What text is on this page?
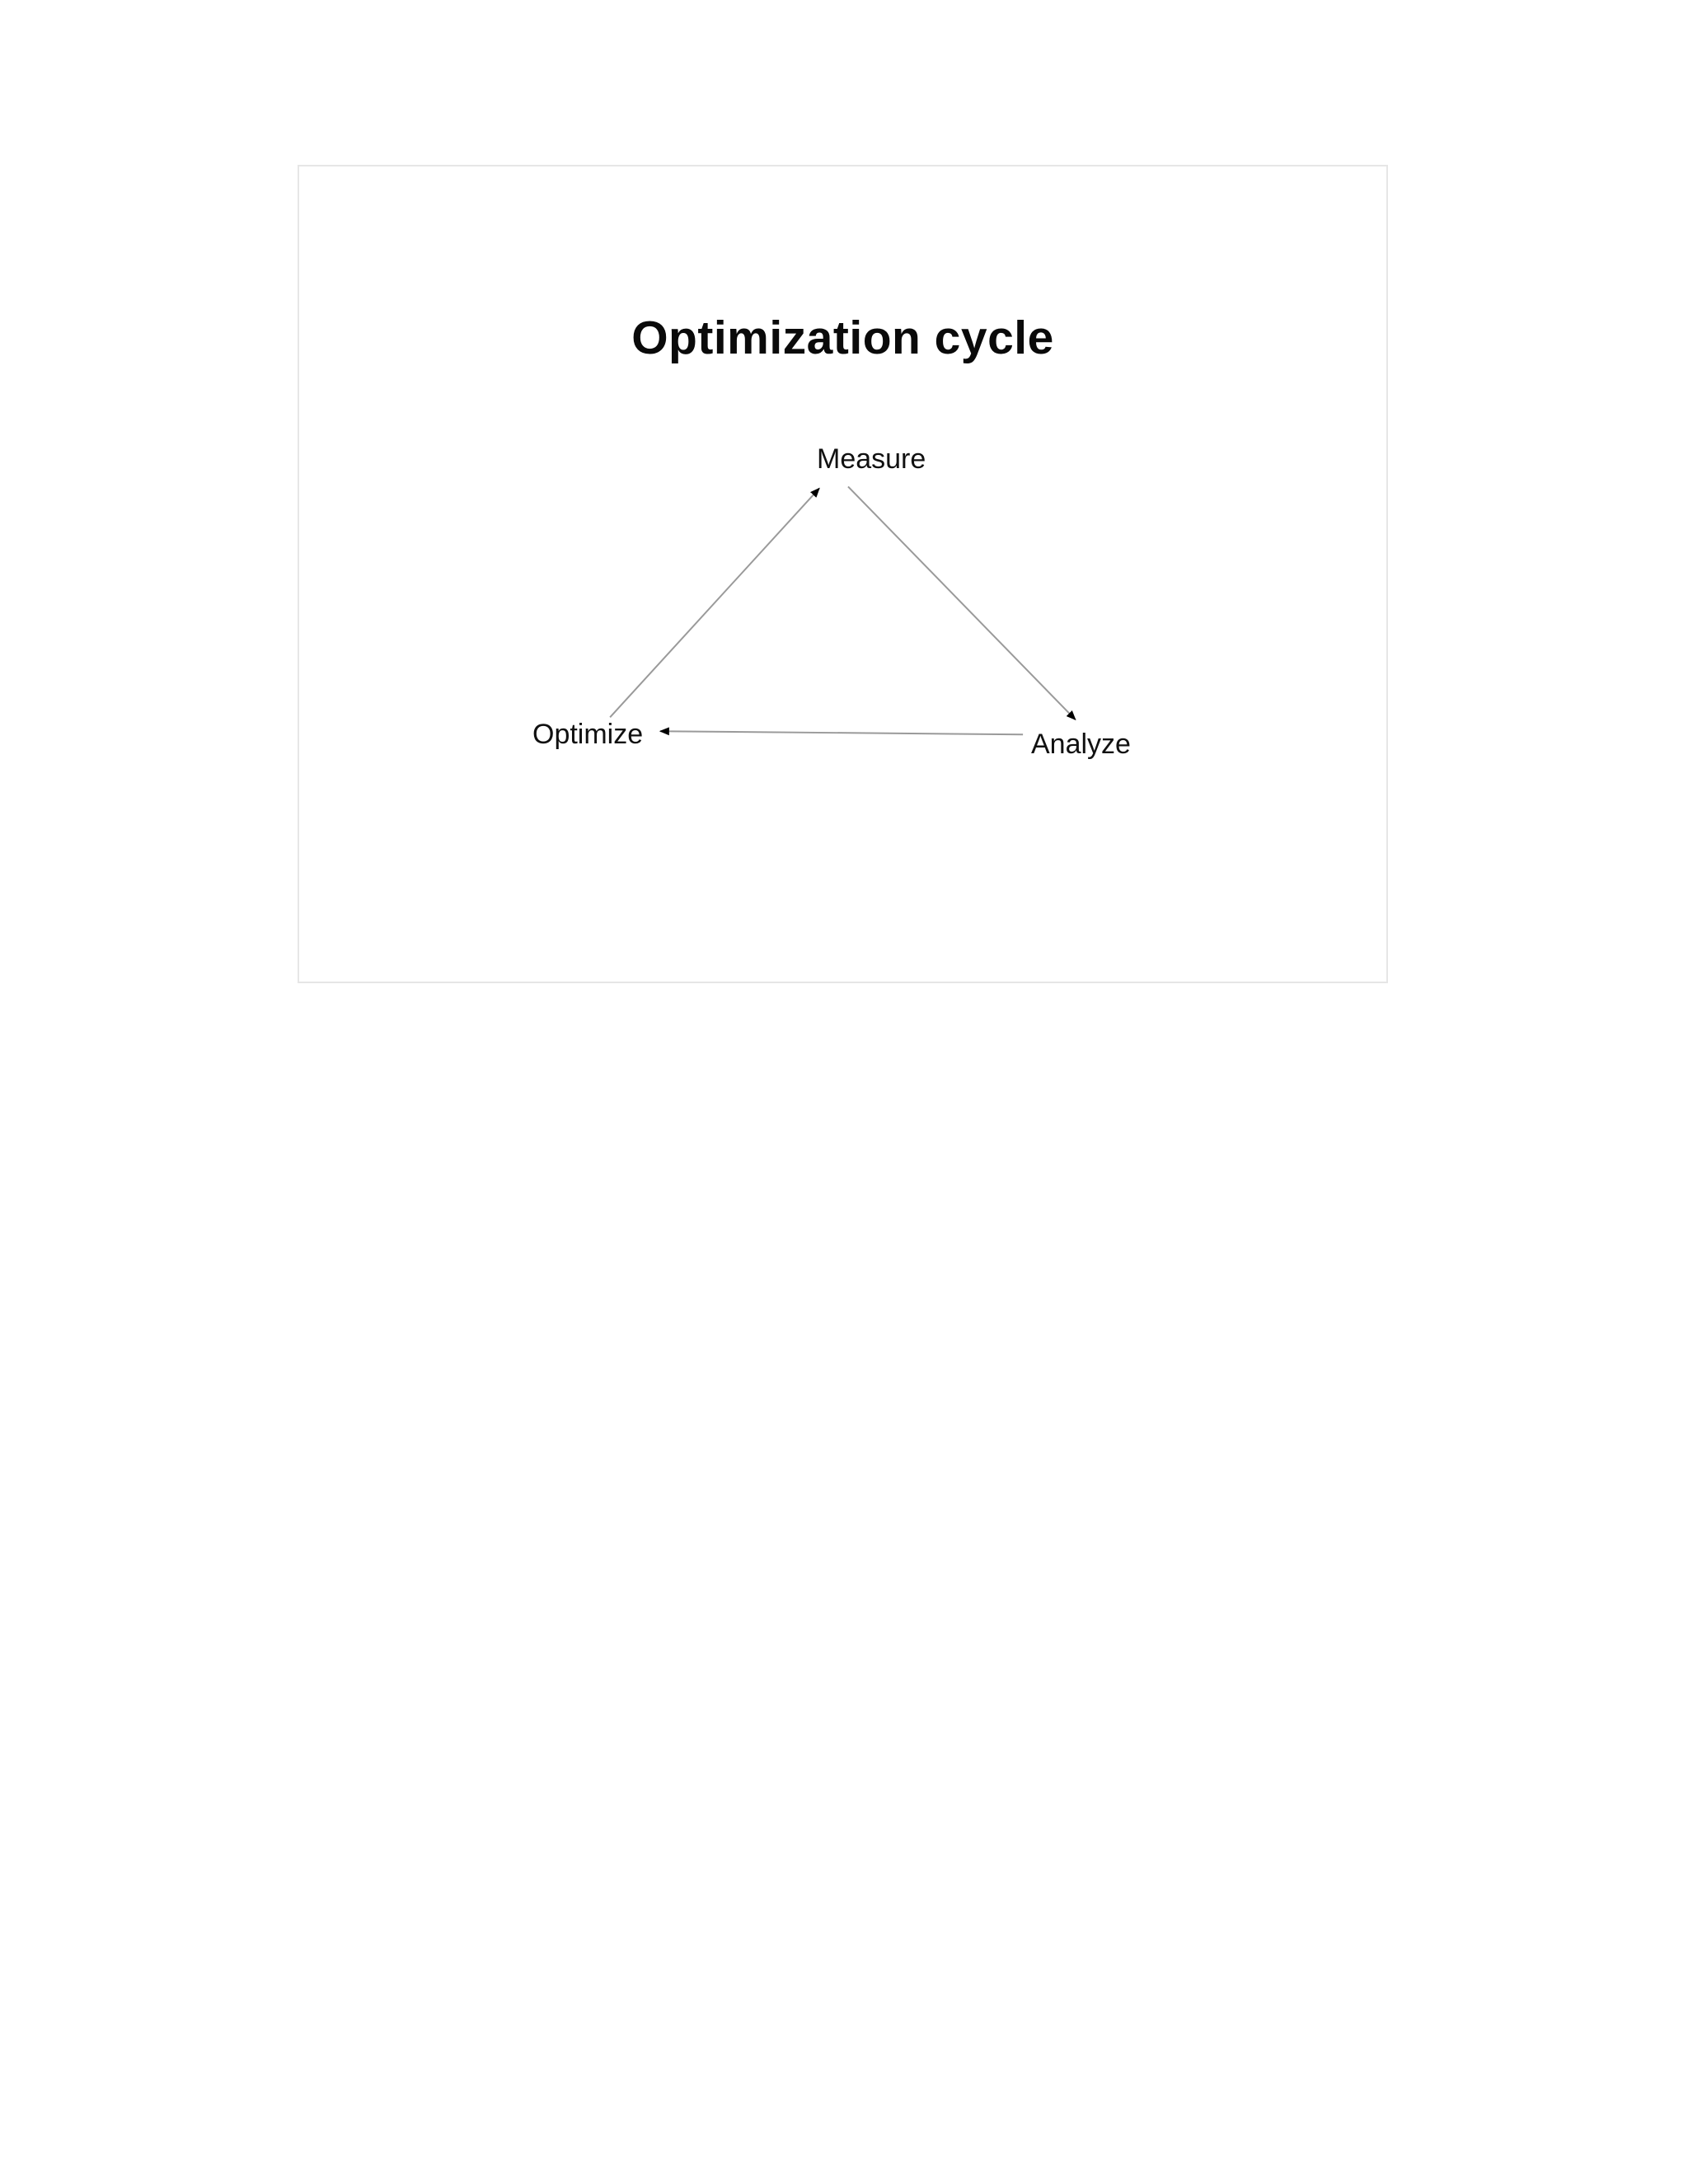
Optimization cycle
Measure
Analyze
Optimize
